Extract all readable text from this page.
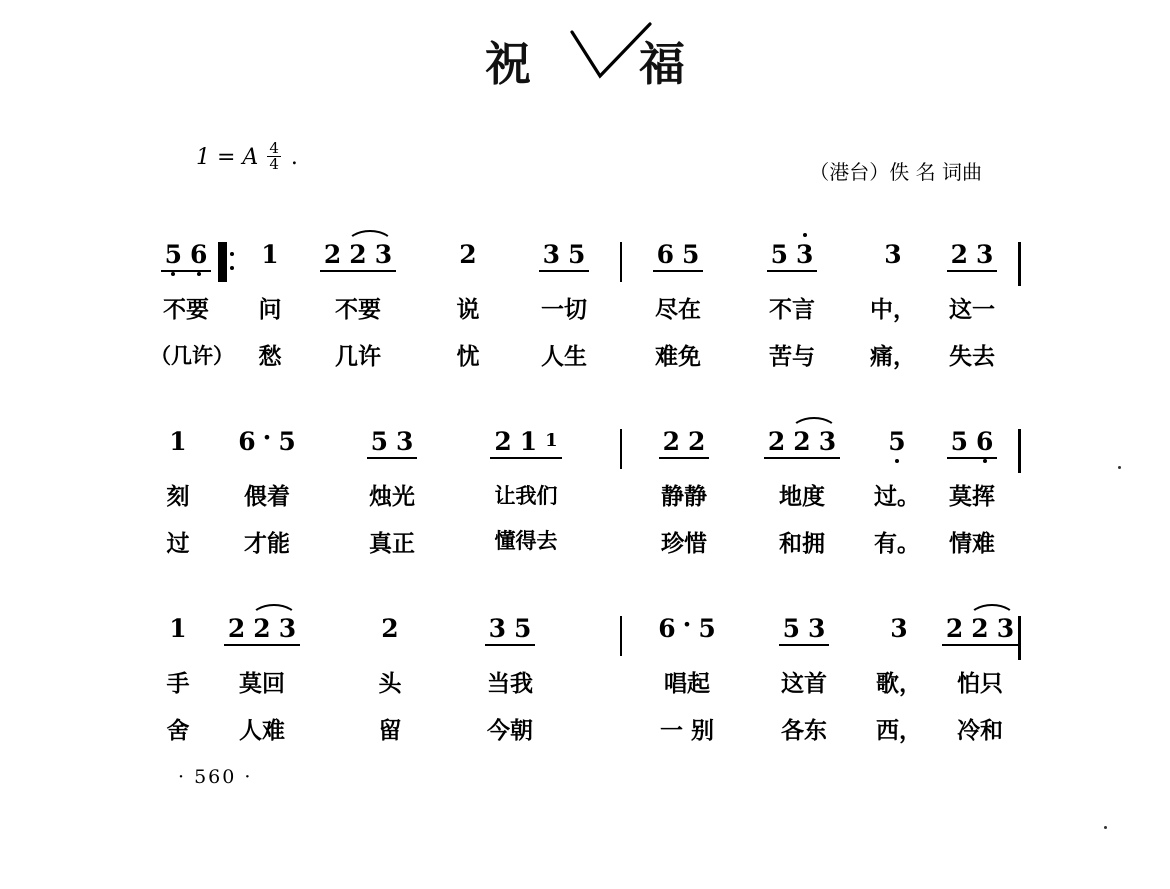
祝 福
1 = A $\frac{4}{4}$ .
（港台）佚 名 词曲
5 6
不要
（几许）
1
问
愁
2 2 3
不要
几许
2
说
忧
3 5
一切
人生
6 5
尽在
难免
5 3
不言
苦与
3
中，
痛，
2 3
这一
失去
1
刻
过
6 · 5
偎着
才能
5 3
烛光
真正
2 1 1
让我们
懂得去
2 2
静静
珍惜
2 2 3
地度
和拥
5
过。
有。
5 6
莫挥
情难
1
手
舍
2 2 3
莫回
人难
2
头
留
3 5
当我
今朝
6 · 5
唱起
一 别
5 3
这首
各东
3
歌，
西，
2 2 3
怕只
冷和
· 560 ·
